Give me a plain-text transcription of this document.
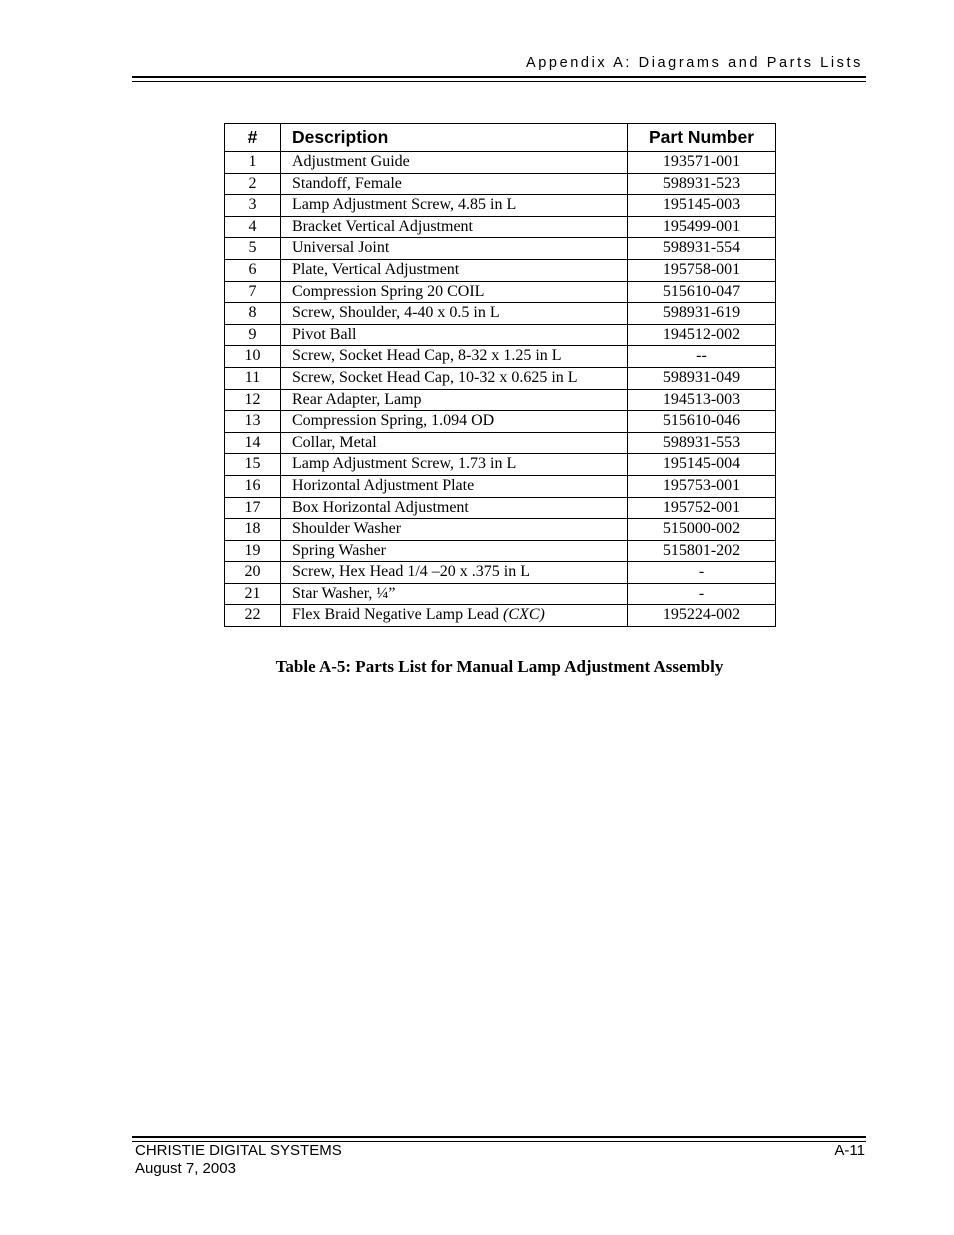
Appendix A: Diagrams and Parts Lists
#	Description	Part Number
1	Adjustment Guide	193571-001
2	Standoff, Female	598931-523
3	Lamp Adjustment Screw, 4.85 in L	195145-003
4	Bracket Vertical Adjustment	195499-001
5	Universal Joint	598931-554
6	Plate, Vertical Adjustment	195758-001
7	Compression Spring 20 COIL	515610-047
8	Screw, Shoulder, 4-40 x 0.5 in L	598931-619
9	Pivot Ball	194512-002
10	Screw, Socket Head Cap, 8-32 x 1.25 in L	--
11	Screw, Socket Head Cap, 10-32 x 0.625 in L	598931-049
12	Rear Adapter, Lamp	194513-003
13	Compression Spring, 1.094 OD	515610-046
14	Collar, Metal	598931-553
15	Lamp Adjustment Screw, 1.73 in L	195145-004
16	Horizontal Adjustment Plate	195753-001
17	Box Horizontal Adjustment	195752-001
18	Shoulder Washer	515000-002
19	Spring Washer	515801-202
20	Screw, Hex Head 1/4 –20 x .375 in L	-
21	Star Washer, ¼”	-
22	Flex Braid Negative Lamp Lead (CXC)	195224-002
Table A-5: Parts List for Manual Lamp Adjustment Assembly
CHRISTIE DIGITAL SYSTEMS
August 7, 2003
A-11
